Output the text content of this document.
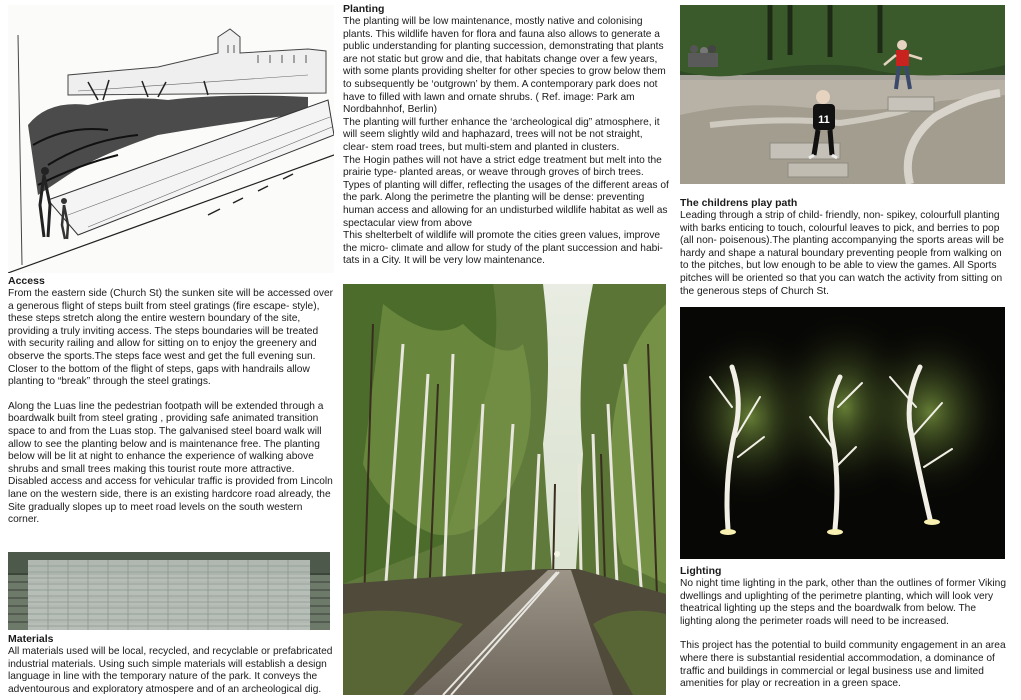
Access

From the eastern side (Church St) the sunken site will be accessed over a generous flight of steps built from steel gratings (fire escape- style), these steps stretch along the entire western boundary of the site, providing a truly inviting access. The steps boundaries will be treated with security railing and allow for sitting on to enjoy the greenery and observe the sports.The steps face west and get the full evening sun. Closer to the bottom of the flight of steps, gaps with handrails allow planting to “break” through the steel gratings.

Along the Luas line the pedestrian footpath will be extended through a boardwalk built from steel grating , providing safe animated transition space to and from the Luas stop. The galvanised steel board walk will allow to see the planting below and is maintenance free. The planting below will be lit at night to enhance the experience of walking above shrubs and small trees making this tourist route more attractive. Disabled access and access for vehicular traffic is provided from Lincoln lane on the western side, there is an existing hardcore road already, the Site gradually slopes up to meet road levels on the south western corner.

Materials

All materials used will be local, recycled, and recyclable or prefabricated industrial materials. Using such simple materials will establish a design language in line with the temporary nature of the park. It conveys the adventourous and exploratory atmospere and of an archeological dig.

Planting

The planting will be low maintenance, mostly native and colonising plants. This wildlife haven for flora and fauna also allows to generate a public understanding for planting succession, demonstrating that plants are not static but grow and die, that habitats change over a few years, with some plants providing shelter for other species to grow below them to subsequently be ‘outgrown’ by them. A contemporary park does not have to filled with lawn and ornate shrubs. ( Ref. image: Park am Nordbahnhof, Berlin)

The planting will further enhance the ‘archeological dig” atmosphere, it will seem slightly wild and haphazard, trees will not be not straight, clear- stem road trees, but multi-stem and planted in clusters.

The Hogin pathes will not have a strict edge treatment but melt into the prairie type- planted areas, or weave through groves of birch trees.

Types of planting will differ, reflecting the usages of the different areas of the park. Along the perimetre the planting will be dense: preventing human access and allowing for an undisturbed wildlife habitat as well as spectacular view from above

This shelterbelt of wildlife will promote the cities green values, improve the micro- climate and allow for study of the plant succession and habi- tats in a City. It will be very low maintenance.

11

The childrens play path

Leading through a strip of child- friendly, non- spikey, colourfull planting with barks enticing to touch, colourful leaves to pick, and berries to pop (all non- poisenous).The planting accompanying the sports areas will be hardy and shape a natural boundary preventing people from walking on to the pitches, but low enough to be able to view the games. All Sports pitches will be oriented so that you can watch the activity from sitting on the generous steps of Church St.

Lighting

No night time lighting in the park, other than the outlines of former Viking dwellings and uplighting of the perimetre planting, which will look very theatrical lighting up the steps and the boardwalk from below. The lighting along the perimeter roads will need to be increased.

This project has the potential to build community engagement in an area where there is substantial residential accommodation, a dominance of traffic and buildings in commercial or legal business use and limited amenities for play or recreation in a green space.
